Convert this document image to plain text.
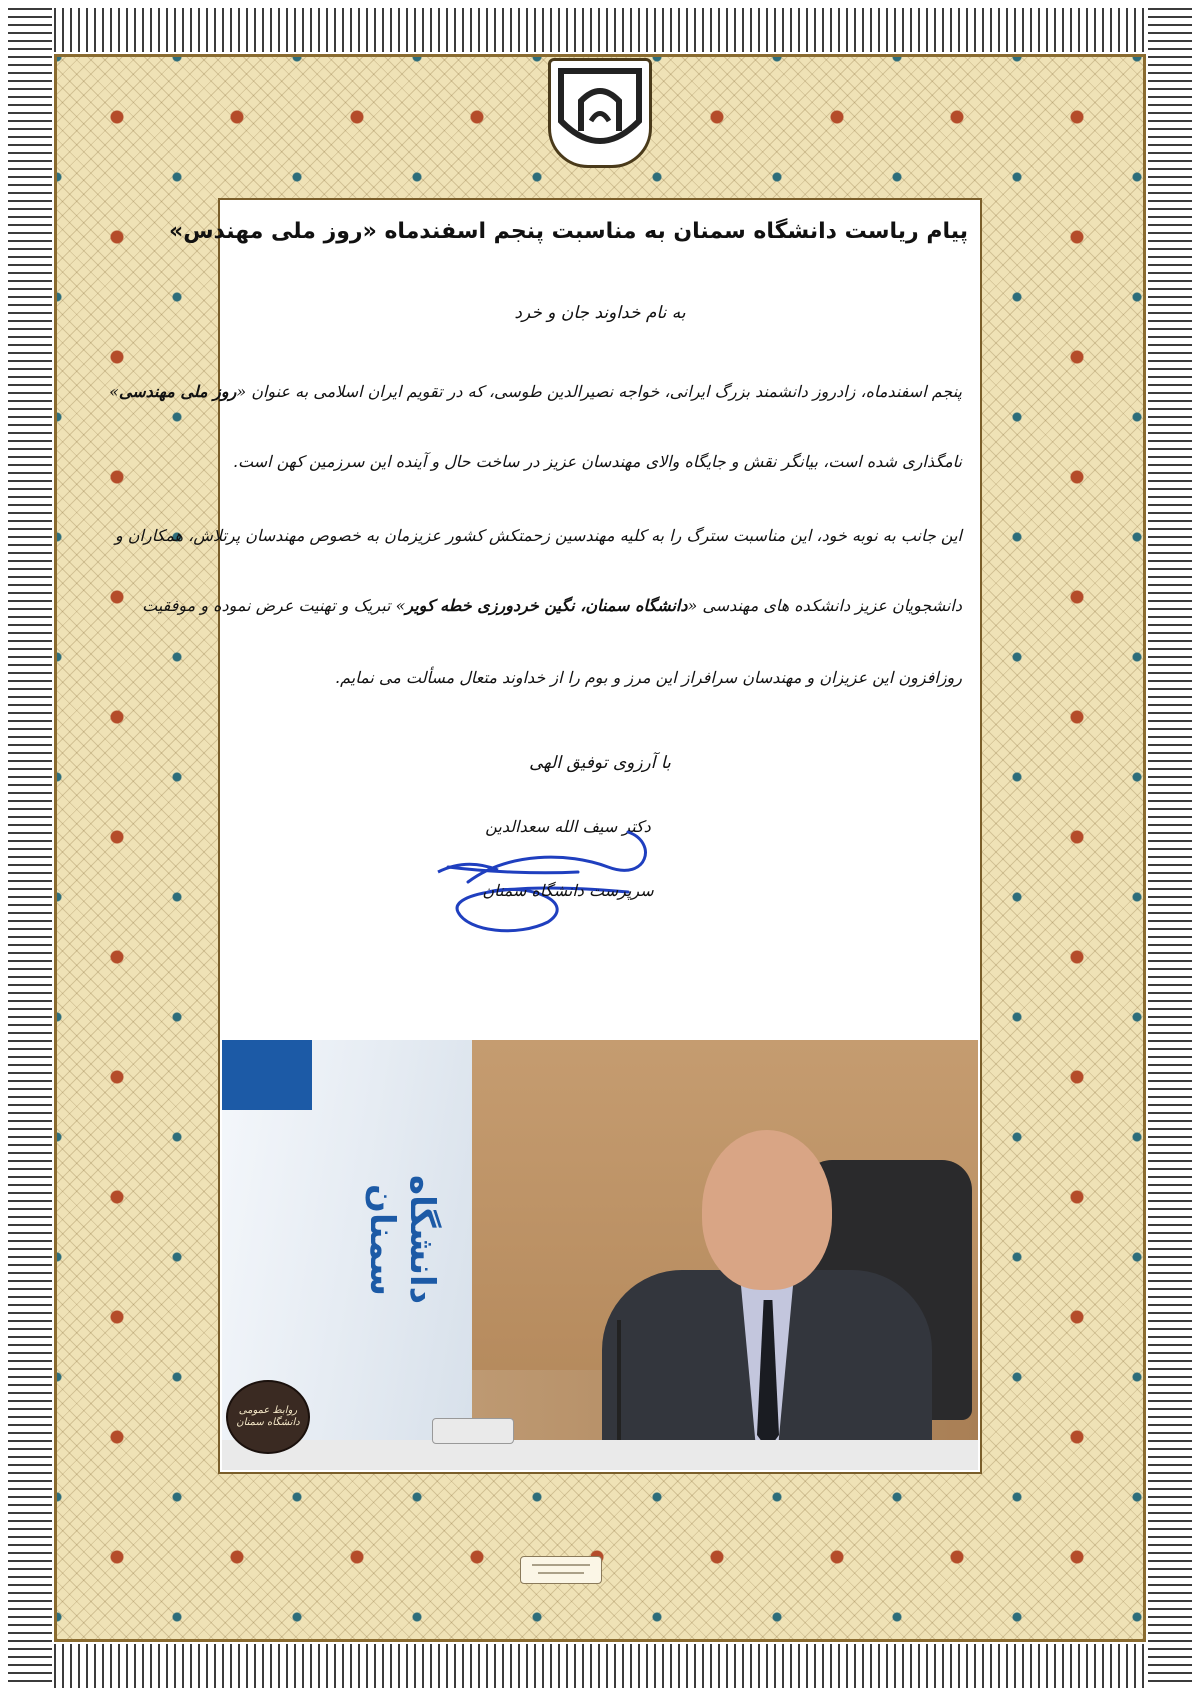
پیام ریاست دانشگاه سمنان به مناسبت پنجم اسفندماه «روز ملی مهندس»
به نام خداوند جان و خرد
پنجم اسفندماه، زادروز دانشمند بزرگ ایرانی، خواجه نصیرالدین طوسی، که در تقویم ایران اسلامی به عنوان «روز ملی مهندسی»
نامگذاری شده است، بیانگر نقش و جایگاه والای مهندسان عزیز در ساخت حال و آینده این سرزمین کهن است.
این جانب به نوبه خود، این مناسبت سترگ را به کلیه مهندسین زحمتکش کشور عزیزمان به خصوص مهندسان پرتلاش، همکاران و
دانشجویان عزیز دانشکده های مهندسی «دانشگاه سمنان، نگین خردورزی خطه کویر» تبریک و تهنیت عرض نموده و موفقیت
روزافزون این عزیزان و مهندسان سرافراز این مرز و بوم را از خداوند متعال مسألت می نمایم.
با آرزوی توفیق الهی
دکتر سیف الله سعدالدین
سرپرست دانشگاه سمنان
دانشگاه سمنان
روابط عمومی دانشگاه سمنان
